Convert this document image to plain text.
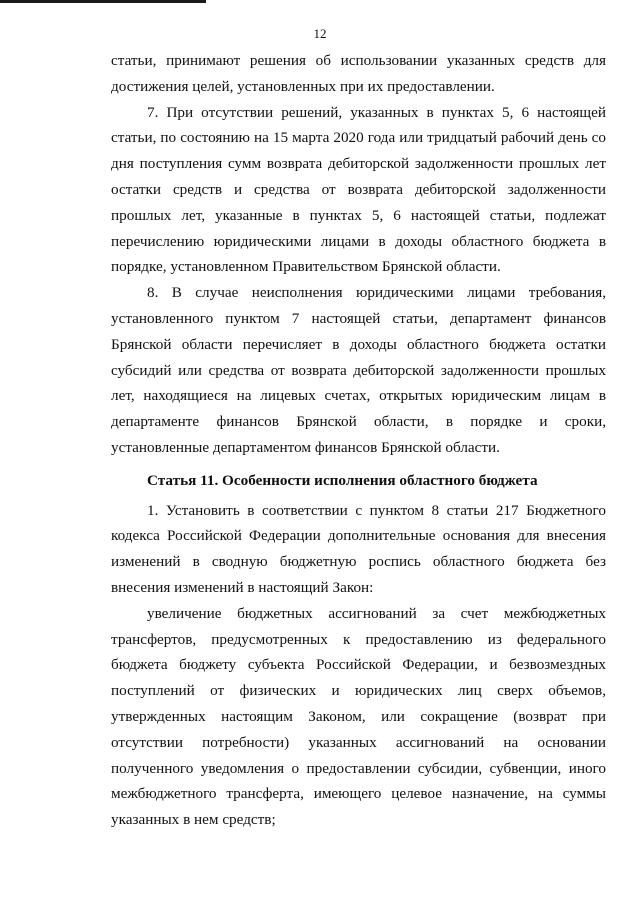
12

статьи, принимают решения об использовании указанных средств для достижения целей, установленных при их предоставлении.

7. При отсутствии решений, указанных в пунктах 5, 6 настоящей статьи, по состоянию на 15 марта 2020 года или тридцатый рабочий день со дня поступления сумм возврата дебиторской задолженности прошлых лет остатки средств и средства от возврата дебиторской задолженности прошлых лет, указанные в пунктах 5, 6 настоящей статьи, подлежат перечислению юридическими лицами в доходы областного бюджета в порядке, установленном Правительством Брянской области.

8. В случае неисполнения юридическими лицами требования, установленного пунктом 7 настоящей статьи, департамент финансов Брянской области перечисляет в доходы областного бюджета остатки субсидий или средства от возврата дебиторской задолженности прошлых лет, находящиеся на лицевых счетах, открытых юридическим лицам в департаменте финансов Брянской области, в порядке и сроки, установленные департаментом финансов Брянской области.

Статья 11. Особенности исполнения областного бюджета

1. Установить в соответствии с пунктом 8 статьи 217 Бюджетного кодекса Российской Федерации дополнительные основания для внесения изменений в сводную бюджетную роспись областного бюджета без внесения изменений в настоящий Закон:

увеличение бюджетных ассигнований за счет межбюджетных трансфертов, предусмотренных к предоставлению из федерального бюджета бюджету субъекта Российской Федерации, и безвозмездных поступлений от физических и юридических лиц сверх объемов, утвержденных настоящим Законом, или сокращение (возврат при отсутствии потребности) указанных ассигнований на основании полученного уведомления о предоставлении субсидии, субвенции, иного межбюджетного трансферта, имеющего целевое назначение, на суммы указанных в нем средств;
